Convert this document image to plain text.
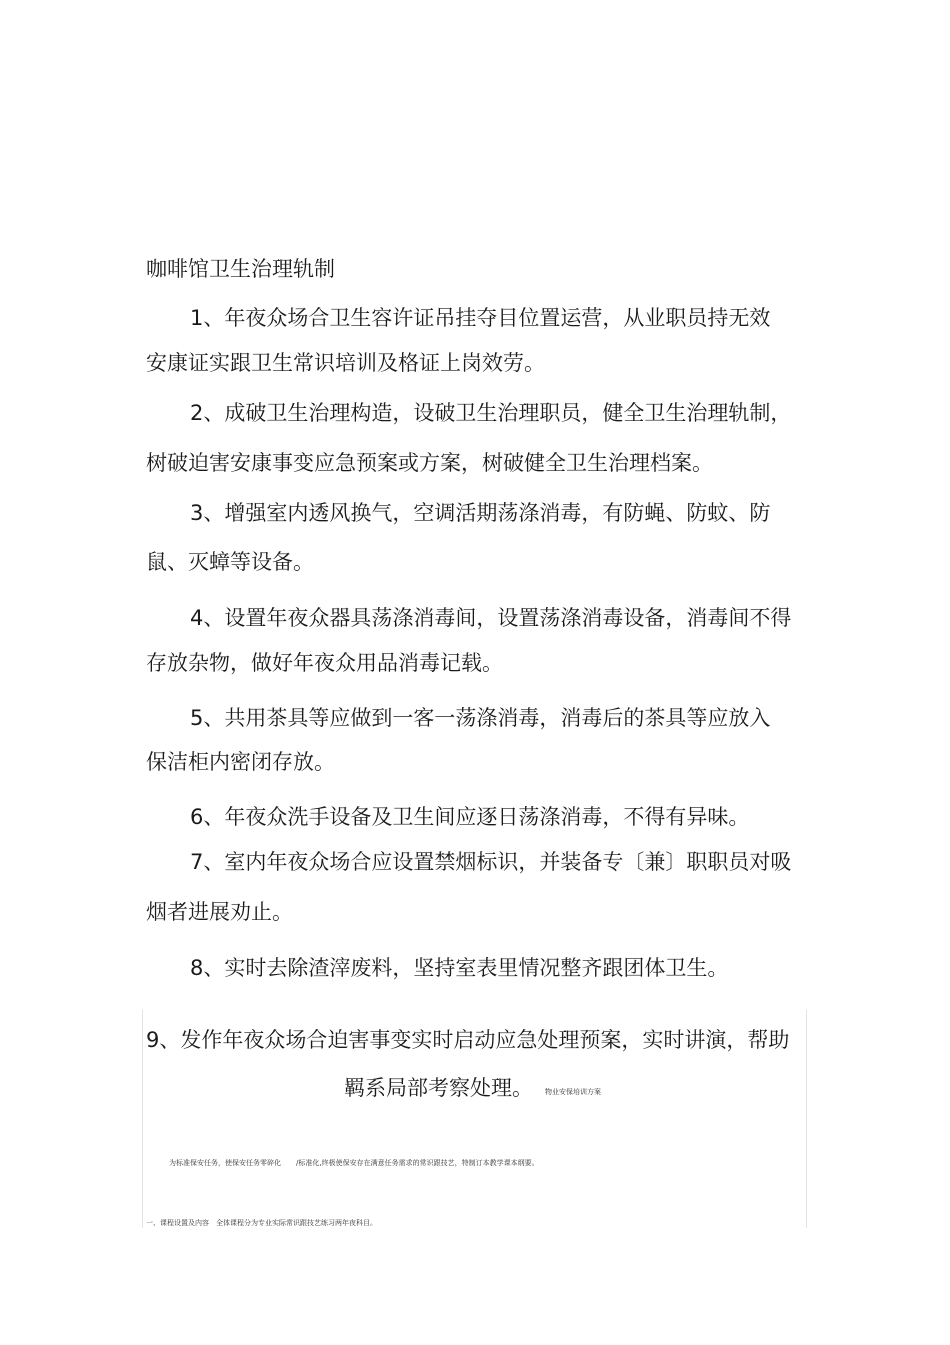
咖啡馆卫生治理轨制
1、年夜众场合卫生容许证吊挂夺目位置运营，从业职员持无效
安康证实跟卫生常识培训及格证上岗效劳。
2、成破卫生治理构造，设破卫生治理职员，健全卫生治理轨制，
树破迫害安康事变应急预案或方案，树破健全卫生治理档案。
3、增强室内透风换气，空调活期荡涤消毒，有防蝇、防蚊、防
鼠、灭蟑等设备。
4、设置年夜众器具荡涤消毒间，设置荡涤消毒设备，消毒间不得
存放杂物，做好年夜众用品消毒记载。
5、共用茶具等应做到一客一荡涤消毒，消毒后的茶具等应放入
保洁柜内密闭存放。
6、年夜众洗手设备及卫生间应逐日荡涤消毒，不得有异味。
7、室内年夜众场合应设置禁烟标识，并装备专〔兼〕职职员对吸
烟者进展劝止。
8、实时去除渣滓废料，坚持室表里情况整齐跟团体卫生。
9、发作年夜众场合迫害事变实时启动应急处理预案，实时讲演，帮助
羁系局部考察处理。 物业安保培训方案
为标准保安任务，使保安任务零碎化 /标准化,终极使保安存在满意任务需求的常识跟技艺，特制订本教学课本纲要。
一、课程设置及内容　全体课程分为专业实际常识跟技艺练习两年夜科目。
